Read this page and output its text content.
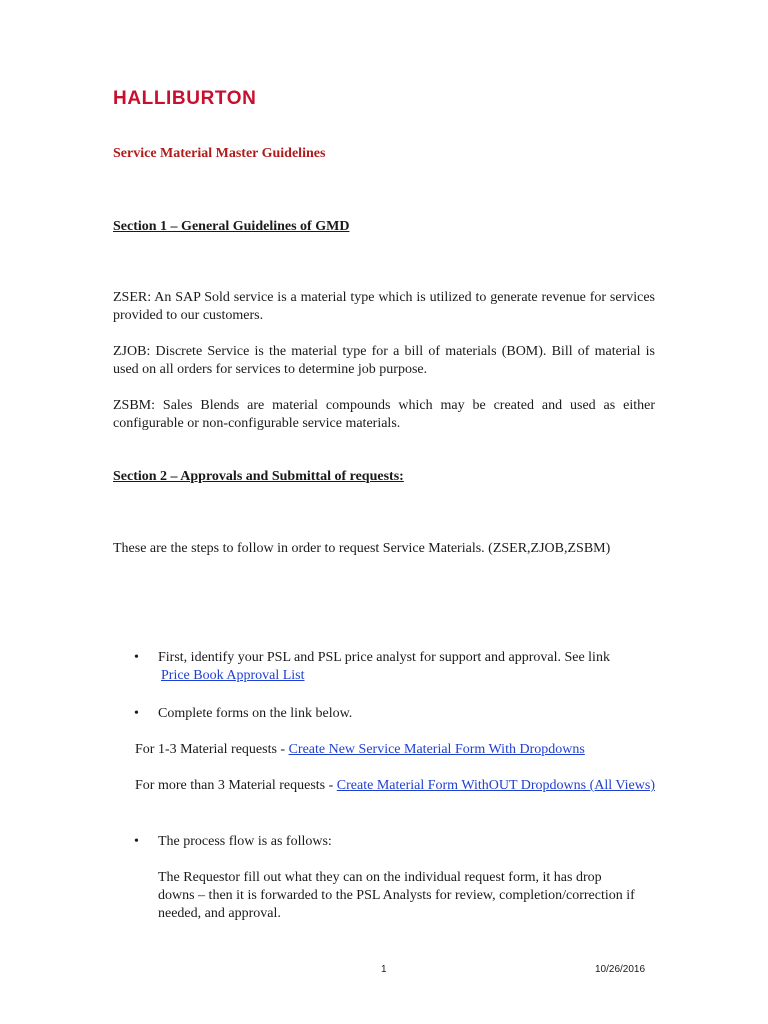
HALLIBURTON
Service Material Master Guidelines
Section 1 – General Guidelines of GMD
ZSER: An SAP Sold service is a material type which is utilized to generate revenue for services provided to our customers.
ZJOB: Discrete Service is the material type for a bill of materials (BOM). Bill of material is used on all orders for services to determine job purpose.
ZSBM: Sales Blends are material compounds which may be created and used as either configurable or non-configurable service materials.
Section 2 – Approvals and Submittal of requests:
These are the steps to follow in order to request Service Materials. (ZSER,ZJOB,ZSBM)
• First, identify your PSL and PSL price analyst for support and approval. See link
Price Book Approval List
• Complete forms on the link below.
For 1-3 Material requests - Create New Service Material Form With Dropdowns
For more than 3 Material requests - Create Material Form WithOUT Dropdowns (All Views)
• The process flow is as follows:
The Requestor fill out what they can on the individual request form, it has drop downs – then it is forwarded to the PSL Analysts for review, completion/correction if needed, and approval.
1	10/26/2016
